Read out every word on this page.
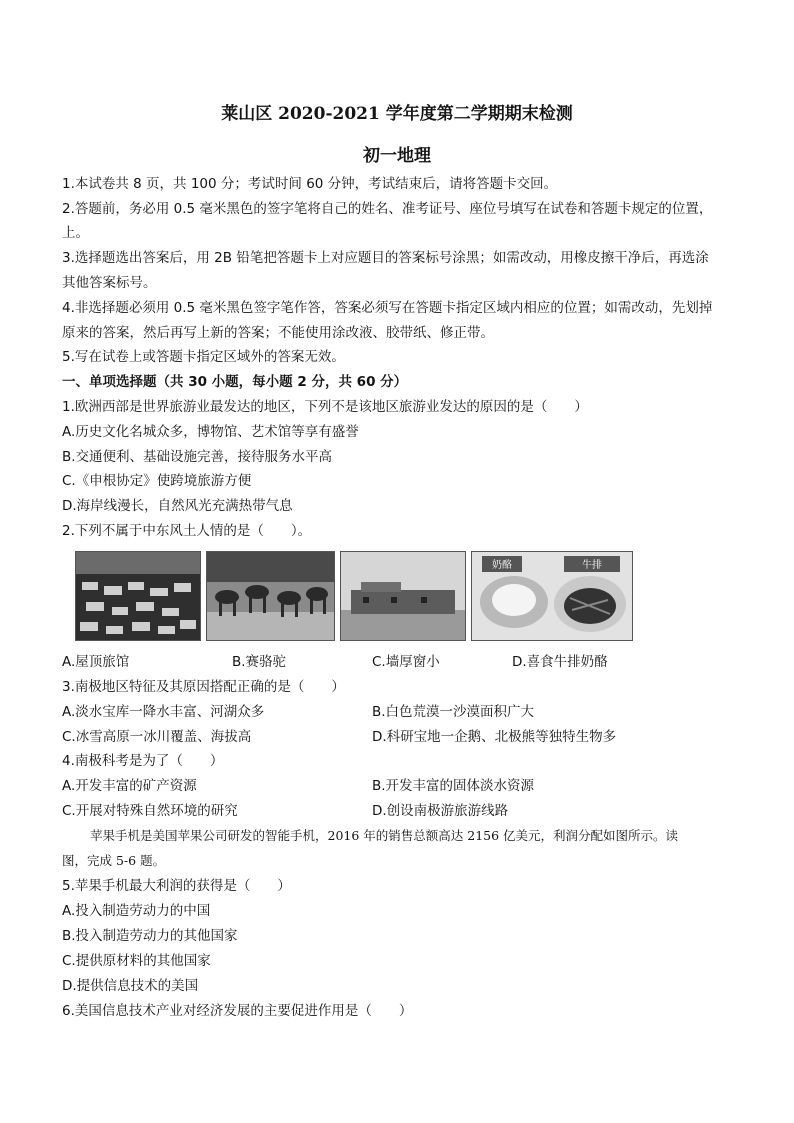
莱山区 2020-2021 学年度第二学期期末检测
初一地理
1.本试卷共 8 页，共 100 分；考试时间 60 分钟，考试结束后，请将答题卡交回。
2.答题前，务必用 0.5 毫米黑色的签字笔将自己的姓名、准考证号、座位号填写在试卷和答题卡规定的位置，
上。
3.选择题选出答案后，用 2B 铅笔把答题卡上对应题目的答案标号涂黑；如需改动，用橡皮擦干净后，再选涂
其他答案标号。
4.非选择题必须用 0.5 毫米黑色签字笔作答，答案必须写在答题卡指定区域内相应的位置；如需改动，先划掉
原来的答案，然后再写上新的答案；不能使用涂改液、胶带纸、修正带。
5.写在试卷上或答题卡指定区域外的答案无效。
一、单项选择题（共 30 小题，每小题 2 分，共 60 分）
1.欧洲西部是世界旅游业最发达的地区，下列不是该地区旅游业发达的原因的是（　　）
A.历史文化名城众多，博物馆、艺术馆等享有盛誉
B.交通便利、基础设施完善，接待服务水平高
C.《申根协定》使跨境旅游方便
D.海岸线漫长，自然风光充满热带气息
2.下列不属于中东风土人情的是（　　）。
奶酪	牛排
A.屋顶旅馆	B.赛骆驼	C.墙厚窗小	D.喜食牛排奶酪
3.南极地区特征及其原因搭配正确的是（　　）
A.淡水宝库一降水丰富、河湖众多	B.白色荒漠一沙漠面积广大
C.冰雪高原一冰川覆盖、海拔高	D.科研宝地一企鹅、北极熊等独特生物多
4.南极科考是为了（　　）
A.开发丰富的矿产资源	B.开发丰富的固体淡水资源
C.开展对特殊自然环境的研究	D.创设南极游旅游线路
苹果手机是美国苹果公司研发的智能手机，2016 年的销售总额高达 2156 亿美元，利润分配如图所示。读
图，完成 5-6 题。
5.苹果手机最大利润的获得是（　　）
A.投入制造劳动力的中国
B.投入制造劳动力的其他国家
C.提供原材料的其他国家
D.提供信息技术的美国
6.美国信息技术产业对经济发展的主要促进作用是（　　）
